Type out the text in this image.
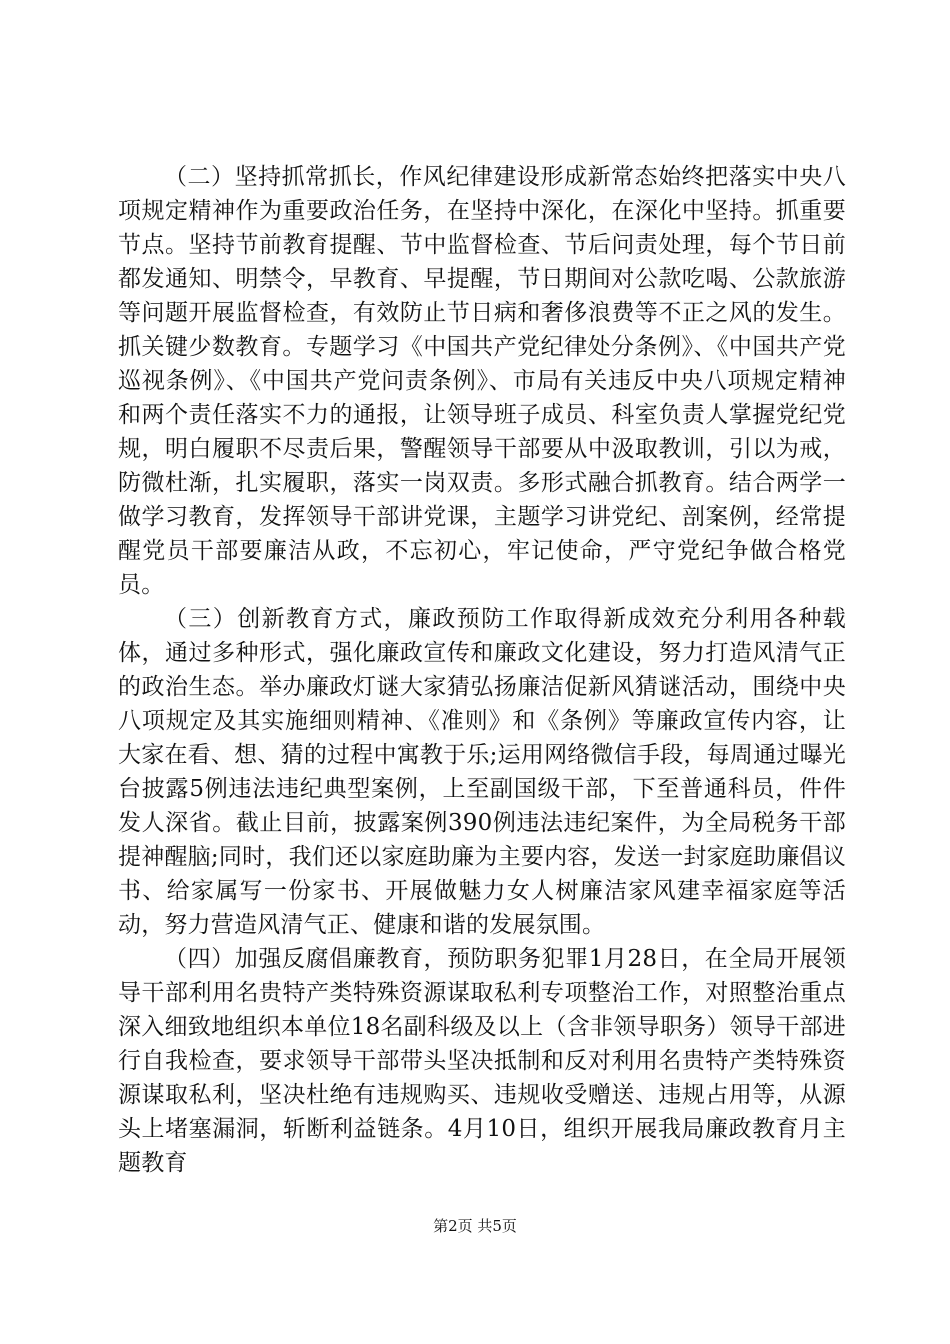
（二）坚持抓常抓长，作风纪律建设形成新常态始终把落实中央八项规定精神作为重要政治任务，在坚持中深化，在深化中坚持。抓重要节点。坚持节前教育提醒、节中监督检查、节后问责处理，每个节日前都发通知、明禁令，早教育、早提醒，节日期间对公款吃喝、公款旅游等问题开展监督检查，有效防止节日病和奢侈浪费等不正之风的发生。抓关键少数教育。专题学习《中国共产党纪律处分条例》、《中国共产党巡视条例》、《中国共产党问责条例》、市局有关违反中央八项规定精神和两个责任落实不力的通报，让领导班子成员、科室负责人掌握党纪党规，明白履职不尽责后果，警醒领导干部要从中汲取教训，引以为戒，防微杜渐，扎实履职，落实一岗双责。多形式融合抓教育。结合两学一做学习教育，发挥领导干部讲党课，主题学习讲党纪、剖案例，经常提醒党员干部要廉洁从政，不忘初心，牢记使命，严守党纪争做合格党员。

（三）创新教育方式，廉政预防工作取得新成效充分利用各种载体，通过多种形式，强化廉政宣传和廉政文化建设，努力打造风清气正的政治生态。举办廉政灯谜大家猜弘扬廉洁促新风猜谜活动，围绕中央八项规定及其实施细则精神、《准则》和《条例》等廉政宣传内容，让大家在看、想、猜的过程中寓教于乐;运用网络微信手段，每周通过曝光台披露5例违法违纪典型案例，上至副国级干部，下至普通科员，件件发人深省。截止目前，披露案例390例违法违纪案件，为全局税务干部提神醒脑;同时，我们还以家庭助廉为主要内容，发送一封家庭助廉倡议书、给家属写一份家书、开展做魅力女人树廉洁家风建幸福家庭等活动，努力营造风清气正、健康和谐的发展氛围。

（四）加强反腐倡廉教育，预防职务犯罪1月28日，在全局开展领导干部利用名贵特产类特殊资源谋取私利专项整治工作，对照整治重点深入细致地组织本单位18名副科级及以上（含非领导职务）领导干部进行自我检查，要求领导干部带头坚决抵制和反对利用名贵特产类特殊资源谋取私利，坚决杜绝有违规购买、违规收受赠送、违规占用等，从源头上堵塞漏洞，斩断利益链条。4月10日，组织开展我局廉政教育月主题教育

第2页 共5页
